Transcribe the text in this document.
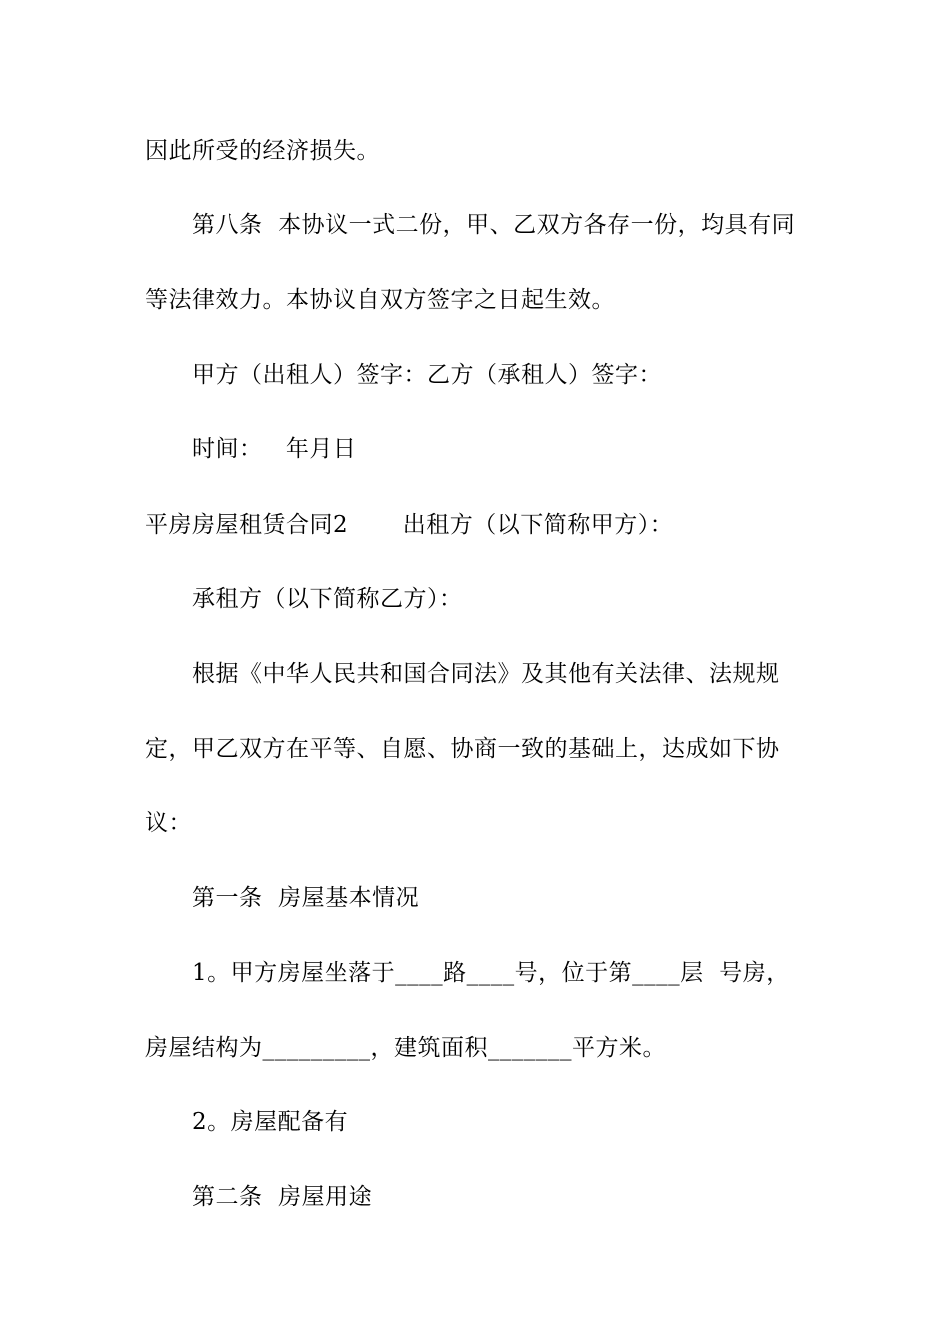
因此所受的经济损失。
第八条  本协议一式二份，甲、乙双方各存一份，均具有同
等法律效力。本协议自双方签字之日起生效。
甲方（出租人）签字：乙方（承租人）签字：
时间：   年月日
平房房屋租赁合同2       出租方（以下简称甲方）：
承租方（以下简称乙方）：
根据《中华人民共和国合同法》及其他有关法律、法规规
定，甲乙双方在平等、自愿、协商一致的基础上，达成如下协
议：
第一条  房屋基本情况
1。甲方房屋坐落于____路____号，位于第____层  号房，
房屋结构为_________，建筑面积_______平方米。
2。房屋配备有
第二条  房屋用途
